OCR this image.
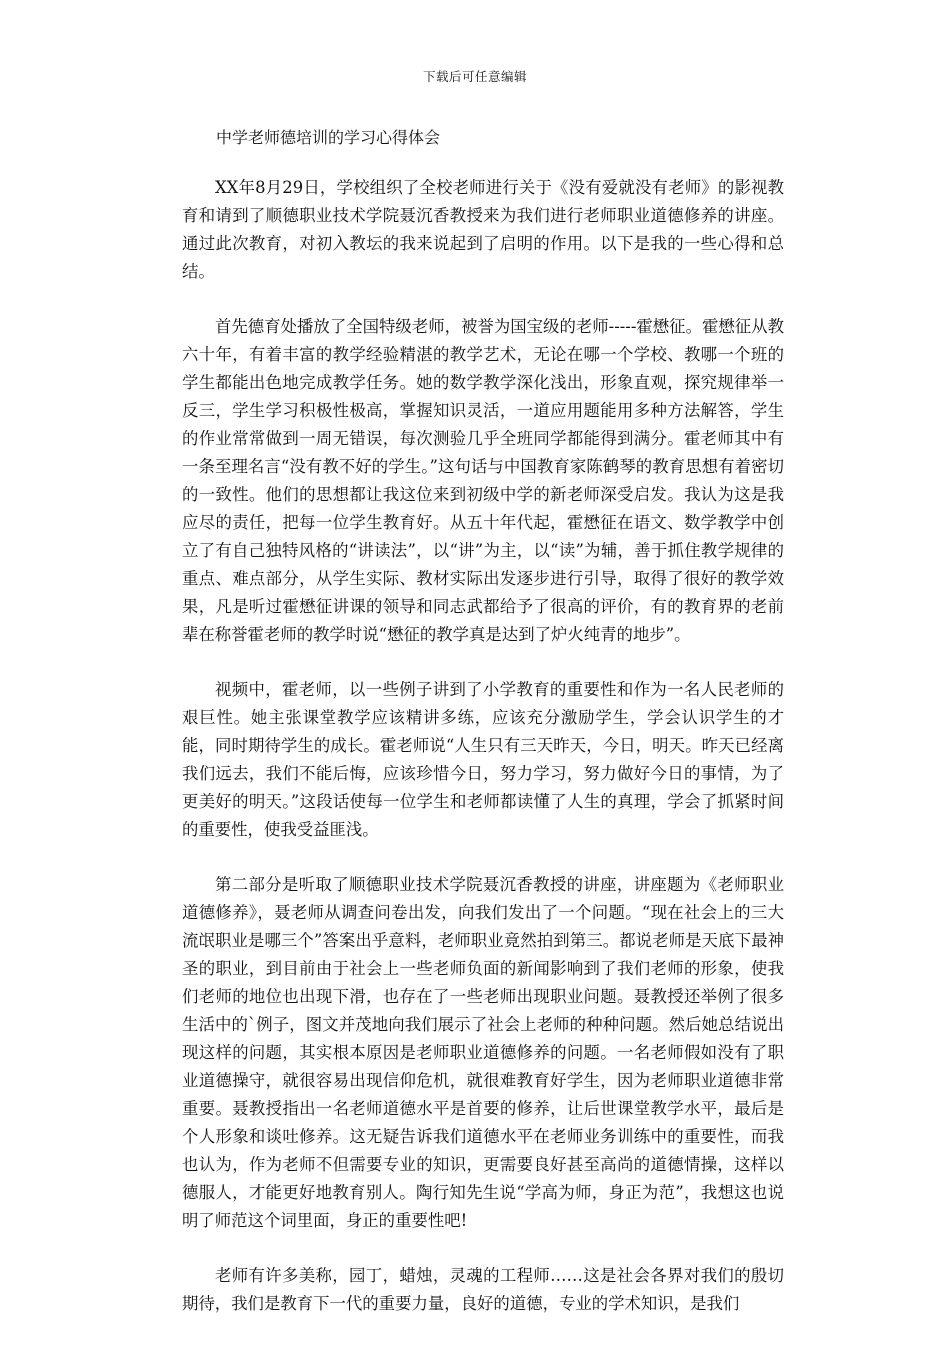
下载后可任意编辑
中学老师德培训的学习心得体会

XX年8月29日，学校组织了全校老师进行关于《没有爱就没有老师》的影视教育和请到了顺德职业技术学院聂沉香教授来为我们进行老师职业道德修养的讲座。通过此次教育，对初入教坛的我来说起到了启明的作用。以下是我的一些心得和总结。

首先德育处播放了全国特级老师，被誉为国宝级的老师-----霍懋征。霍懋征从教六十年，有着丰富的教学经验精湛的教学艺术，无论在哪一个学校、教哪一个班的学生都能出色地完成教学任务。她的数学教学深化浅出，形象直观，探究规律举一反三，学生学习积极性极高，掌握知识灵活，一道应用题能用多种方法解答，学生的作业常常做到一周无错误，每次测验几乎全班同学都能得到满分。霍老师其中有一条至理名言“没有教不好的学生。”这句话与中国教育家陈鹤琴的教育思想有着密切的一致性。他们的思想都让我这位来到初级中学的新老师深受启发。我认为这是我应尽的责任，把每一位学生教育好。从五十年代起，霍懋征在语文、数学教学中创立了有自己独特风格的“讲读法”，以“讲”为主，以“读”为辅，善于抓住教学规律的重点、难点部分，从学生实际、教材实际出发逐步进行引导，取得了很好的教学效果，凡是听过霍懋征讲课的领导和同志武都给予了很高的评价，有的教育界的老前辈在称誉霍老师的教学时说“懋征的教学真是达到了炉火纯青的地步”。

视频中，霍老师，以一些例子讲到了小学教育的重要性和作为一名人民老师的艰巨性。她主张课堂教学应该精讲多练，应该充分激励学生，学会认识学生的才能，同时期待学生的成长。霍老师说“人生只有三天昨天，今日，明天。昨天已经离我们远去，我们不能后悔，应该珍惜今日，努力学习，努力做好今日的事情，为了更美好的明天。”这段话使每一位学生和老师都读懂了人生的真理，学会了抓紧时间的重要性，使我受益匪浅。

第二部分是听取了顺德职业技术学院聂沉香教授的讲座，讲座题为《老师职业道德修养》，聂老师从调查问卷出发，向我们发出了一个问题。“现在社会上的三大流氓职业是哪三个”答案出乎意料，老师职业竟然拍到第三。都说老师是天底下最神圣的职业，到目前由于社会上一些老师负面的新闻影响到了我们老师的形象，使我们老师的地位也出现下滑，也存在了一些老师出现职业问题。聂教授还举例了很多生活中的`例子，图文并茂地向我们展示了社会上老师的种种问题。然后她总结说出现这样的问题，其实根本原因是老师职业道德修养的问题。一名老师假如没有了职业道德操守，就很容易出现信仰危机，就很难教育好学生，因为老师职业道德非常重要。聂教授指出一名老师道德水平是首要的修养，让后世课堂教学水平，最后是个人形象和谈吐修养。这无疑告诉我们道德水平在老师业务训练中的重要性，而我也认为，作为老师不但需要专业的知识，更需要良好甚至高尚的道德情操，这样以德服人，才能更好地教育别人。陶行知先生说“学高为师，身正为范”，我想这也说明了师范这个词里面，身正的重要性吧!

老师有许多美称，园丁，蜡烛，灵魂的工程师……这是社会各界对我们的殷切期待，我们是教育下一代的重要力量，良好的道德，专业的学术知识，是我们
